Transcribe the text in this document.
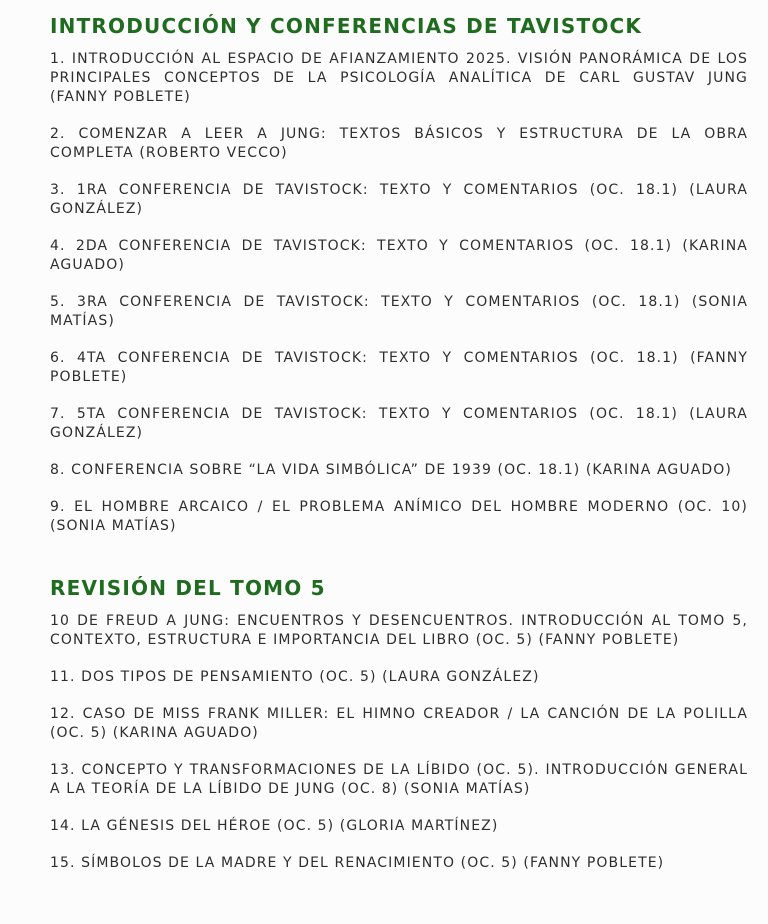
INTRODUCCIÓN Y CONFERENCIAS DE TAVISTOCK

1. INTRODUCCIÓN AL ESPACIO DE AFIANZAMIENTO 2025. VISIÓN PANORÁMICA DE LOS PRINCIPALES CONCEPTOS DE LA PSICOLOGÍA ANALÍTICA DE CARL GUSTAV JUNG (FANNY POBLETE)

2. COMENZAR A LEER A JUNG: TEXTOS BÁSICOS Y ESTRUCTURA DE LA OBRA COMPLETA (ROBERTO VECCO)

3. 1RA CONFERENCIA DE TAVISTOCK: TEXTO Y COMENTARIOS (OC. 18.1) (LAURA GONZÁLEZ)

4. 2DA CONFERENCIA DE TAVISTOCK: TEXTO Y COMENTARIOS (OC. 18.1) (KARINA AGUADO)

5. 3RA CONFERENCIA DE TAVISTOCK: TEXTO Y COMENTARIOS (OC. 18.1) (SONIA MATÍAS)

6. 4TA CONFERENCIA DE TAVISTOCK: TEXTO Y COMENTARIOS (OC. 18.1) (FANNY POBLETE)

7. 5TA CONFERENCIA DE TAVISTOCK: TEXTO Y COMENTARIOS (OC. 18.1) (LAURA GONZÁLEZ)

8. CONFERENCIA SOBRE “LA VIDA SIMBÓLICA” DE 1939 (OC. 18.1) (KARINA AGUADO)

9. EL HOMBRE ARCAICO / EL PROBLEMA ANÍMICO DEL HOMBRE MODERNO (OC. 10) (SONIA MATÍAS)

REVISIÓN DEL TOMO 5

10 DE FREUD A JUNG: ENCUENTROS Y DESENCUENTROS. INTRODUCCIÓN AL TOMO 5, CONTEXTO, ESTRUCTURA E IMPORTANCIA DEL LIBRO (OC. 5) (FANNY POBLETE)

11. DOS TIPOS DE PENSAMIENTO (OC. 5) (LAURA GONZÁLEZ)

12. CASO DE MISS FRANK MILLER: EL HIMNO CREADOR / LA CANCIÓN DE LA POLILLA (OC. 5) (KARINA AGUADO)

13. CONCEPTO Y TRANSFORMACIONES DE LA LÍBIDO (OC. 5). INTRODUCCIÓN GENERAL A LA TEORÍA DE LA LÍBIDO DE JUNG (OC. 8) (SONIA MATÍAS)

14. LA GÉNESIS DEL HÉROE (OC. 5) (GLORIA MARTÍNEZ)

15. SÍMBOLOS DE LA MADRE Y DEL RENACIMIENTO (OC. 5) (FANNY POBLETE)
